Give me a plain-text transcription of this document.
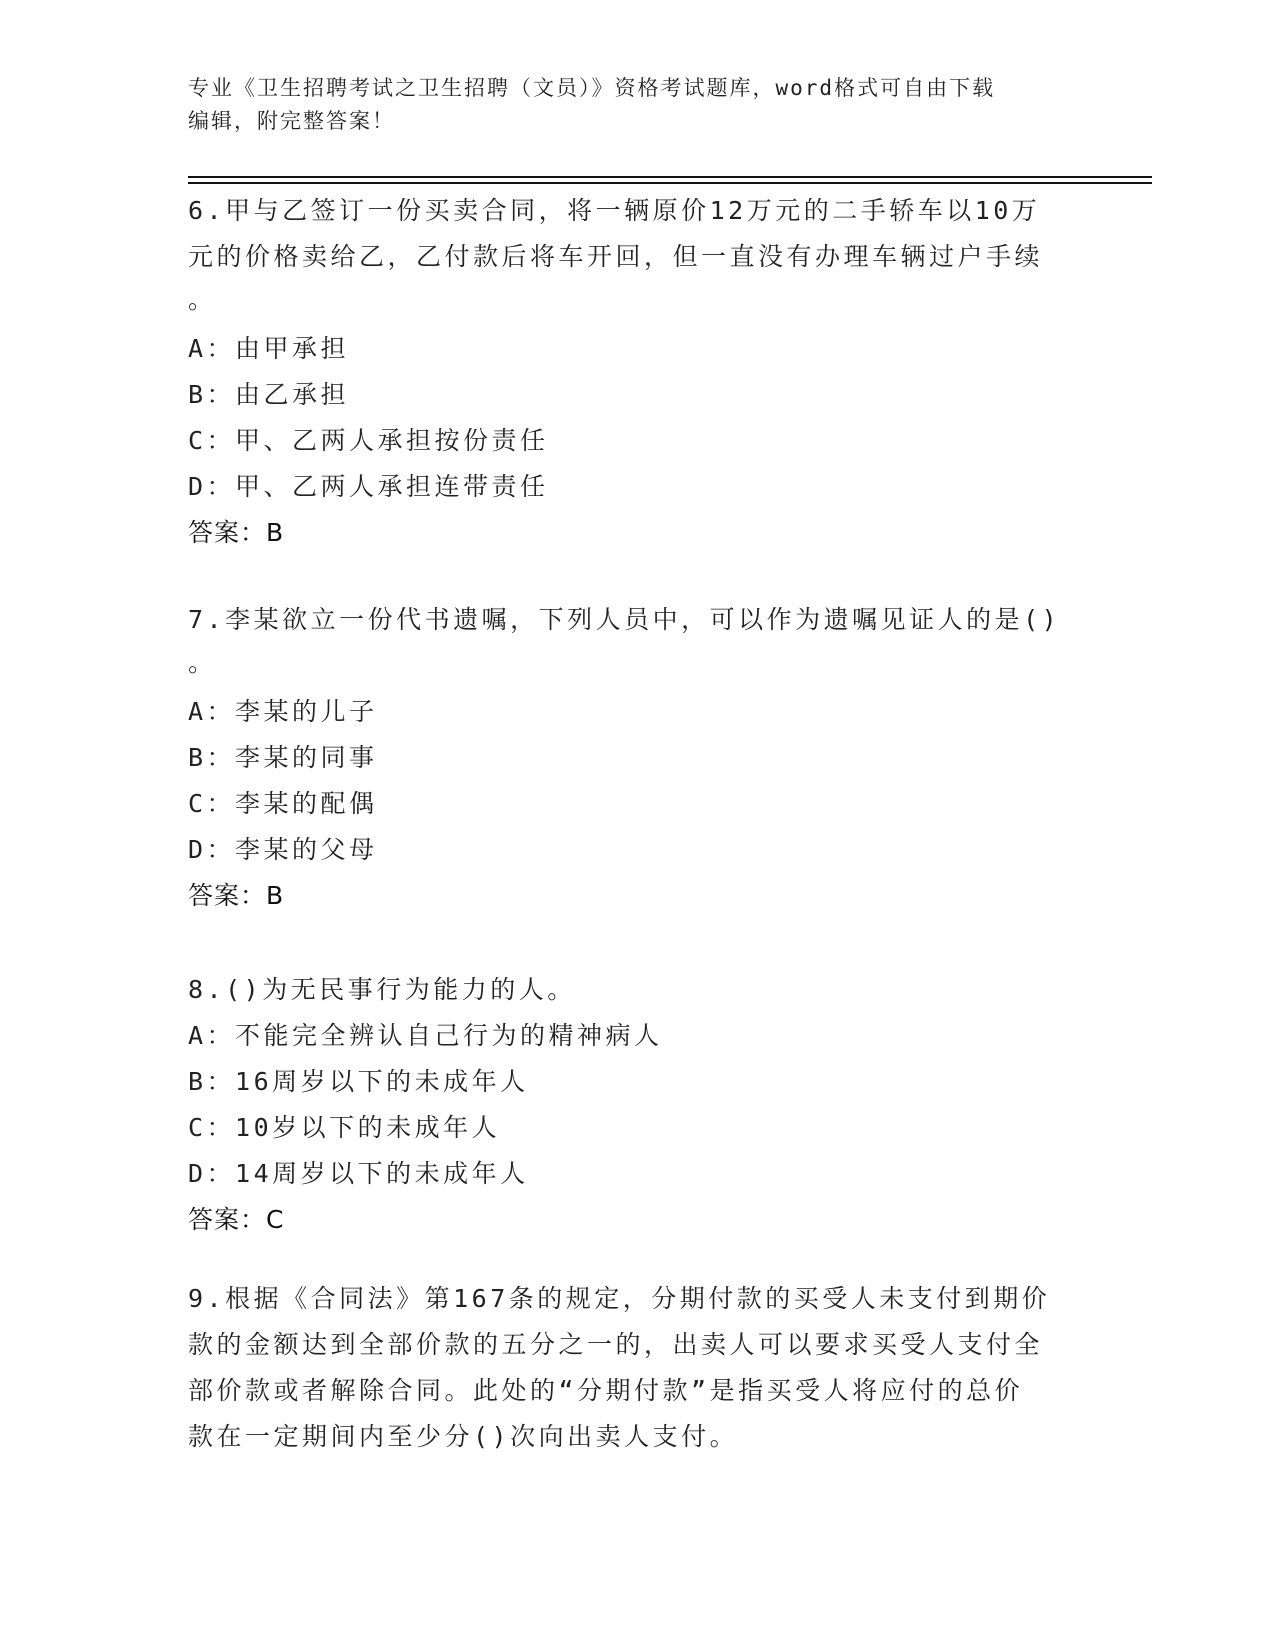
专业《卫生招聘考试之卫生招聘（文员）》资格考试题库，word格式可自由下载
编辑，附完整答案！
6.甲与乙签订一份买卖合同，将一辆原价12万元的二手轿车以10万
元的价格卖给乙，乙付款后将车开回，但一直没有办理车辆过户手续
。
A：由甲承担
B：由乙承担
C：甲、乙两人承担按份责任
D：甲、乙两人承担连带责任
答案：B
7.李某欲立一份代书遗嘱，下列人员中，可以作为遗嘱见证人的是()
。
A：李某的儿子
B：李某的同事
C：李某的配偶
D：李某的父母
答案：B
8.()为无民事行为能力的人。
A：不能完全辨认自己行为的精神病人
B：16周岁以下的未成年人
C：10岁以下的未成年人
D：14周岁以下的未成年人
答案：C
9.根据《合同法》第167条的规定，分期付款的买受人未支付到期价
款的金额达到全部价款的五分之一的，出卖人可以要求买受人支付全
部价款或者解除合同。此处的“分期付款”是指买受人将应付的总价
款在一定期间内至少分()次向出卖人支付。
